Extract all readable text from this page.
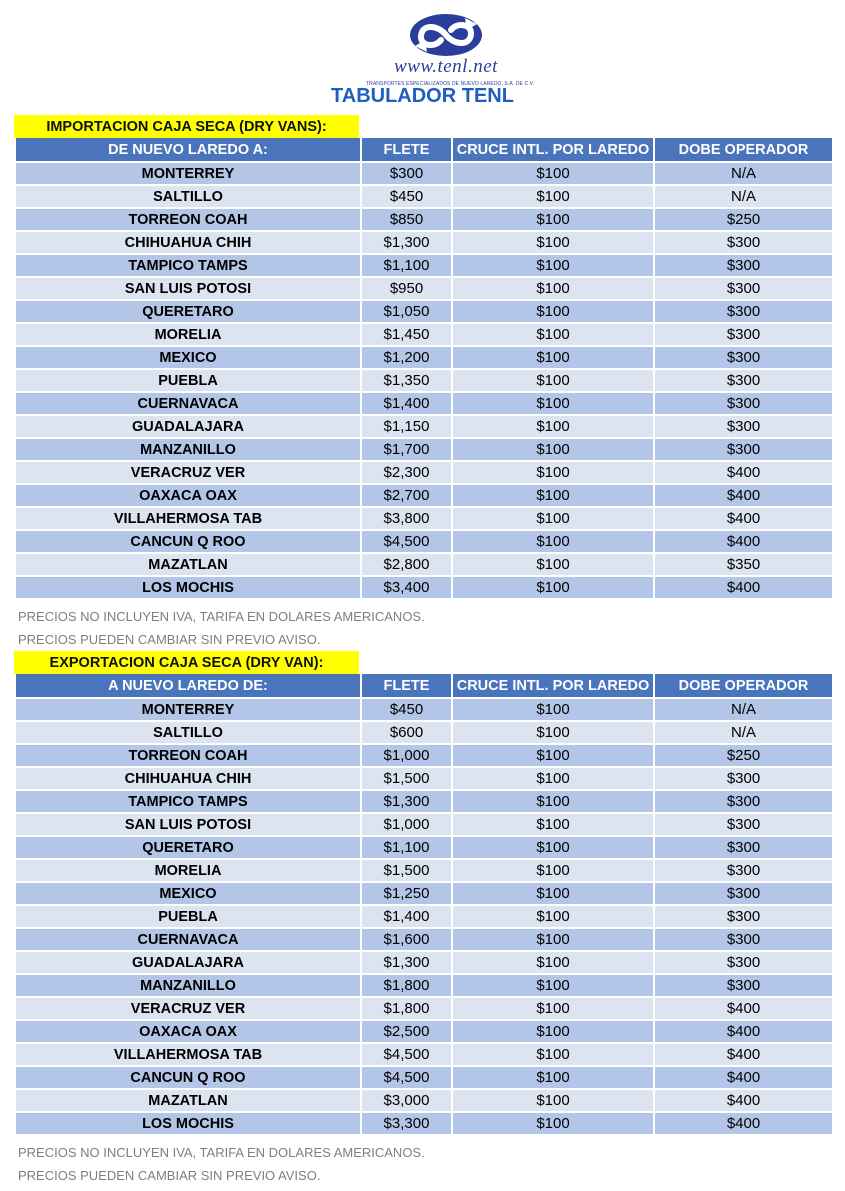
www.tenl.net
TRANSPORTES ESPECIALIZADOS DE NUEVO LAREDO, S.A. DE C.V.
TABULADOR TENL
IMPORTACION CAJA SECA (DRY VANS):
DE NUEVO LAREDO A:	FLETE	CRUCE INTL. POR LAREDO	DOBE OPERADOR
MONTERREY	$300	$100	N/A
SALTILLO	$450	$100	N/A
TORREON COAH	$850	$100	$250
CHIHUAHUA CHIH	$1,300	$100	$300
TAMPICO TAMPS	$1,100	$100	$300
SAN LUIS POTOSI	$950	$100	$300
QUERETARO	$1,050	$100	$300
MORELIA	$1,450	$100	$300
MEXICO	$1,200	$100	$300
PUEBLA	$1,350	$100	$300
CUERNAVACA	$1,400	$100	$300
GUADALAJARA	$1,150	$100	$300
MANZANILLO	$1,700	$100	$300
VERACRUZ VER	$2,300	$100	$400
OAXACA OAX	$2,700	$100	$400
VILLAHERMOSA TAB	$3,800	$100	$400
CANCUN Q ROO	$4,500	$100	$400
MAZATLAN	$2,800	$100	$350
LOS MOCHIS	$3,400	$100	$400

PRECIOS NO INCLUYEN IVA, TARIFA EN DOLARES AMERICANOS.

PRECIOS PUEDEN CAMBIAR SIN PREVIO AVISO.

EXPORTACION CAJA SECA (DRY VAN):
A NUEVO LAREDO DE:	FLETE	CRUCE INTL. POR LAREDO	DOBE OPERADOR
MONTERREY	$450	$100	N/A
SALTILLO	$600	$100	N/A
TORREON COAH	$1,000	$100	$250
CHIHUAHUA CHIH	$1,500	$100	$300
TAMPICO TAMPS	$1,300	$100	$300
SAN LUIS POTOSI	$1,000	$100	$300
QUERETARO	$1,100	$100	$300
MORELIA	$1,500	$100	$300
MEXICO	$1,250	$100	$300
PUEBLA	$1,400	$100	$300
CUERNAVACA	$1,600	$100	$300
GUADALAJARA	$1,300	$100	$300
MANZANILLO	$1,800	$100	$300
VERACRUZ VER	$1,800	$100	$400
OAXACA OAX	$2,500	$100	$400
VILLAHERMOSA TAB	$4,500	$100	$400
CANCUN Q ROO	$4,500	$100	$400
MAZATLAN	$3,000	$100	$400
LOS MOCHIS	$3,300	$100	$400

PRECIOS NO INCLUYEN IVA, TARIFA EN DOLARES AMERICANOS.

PRECIOS PUEDEN CAMBIAR SIN PREVIO AVISO.
